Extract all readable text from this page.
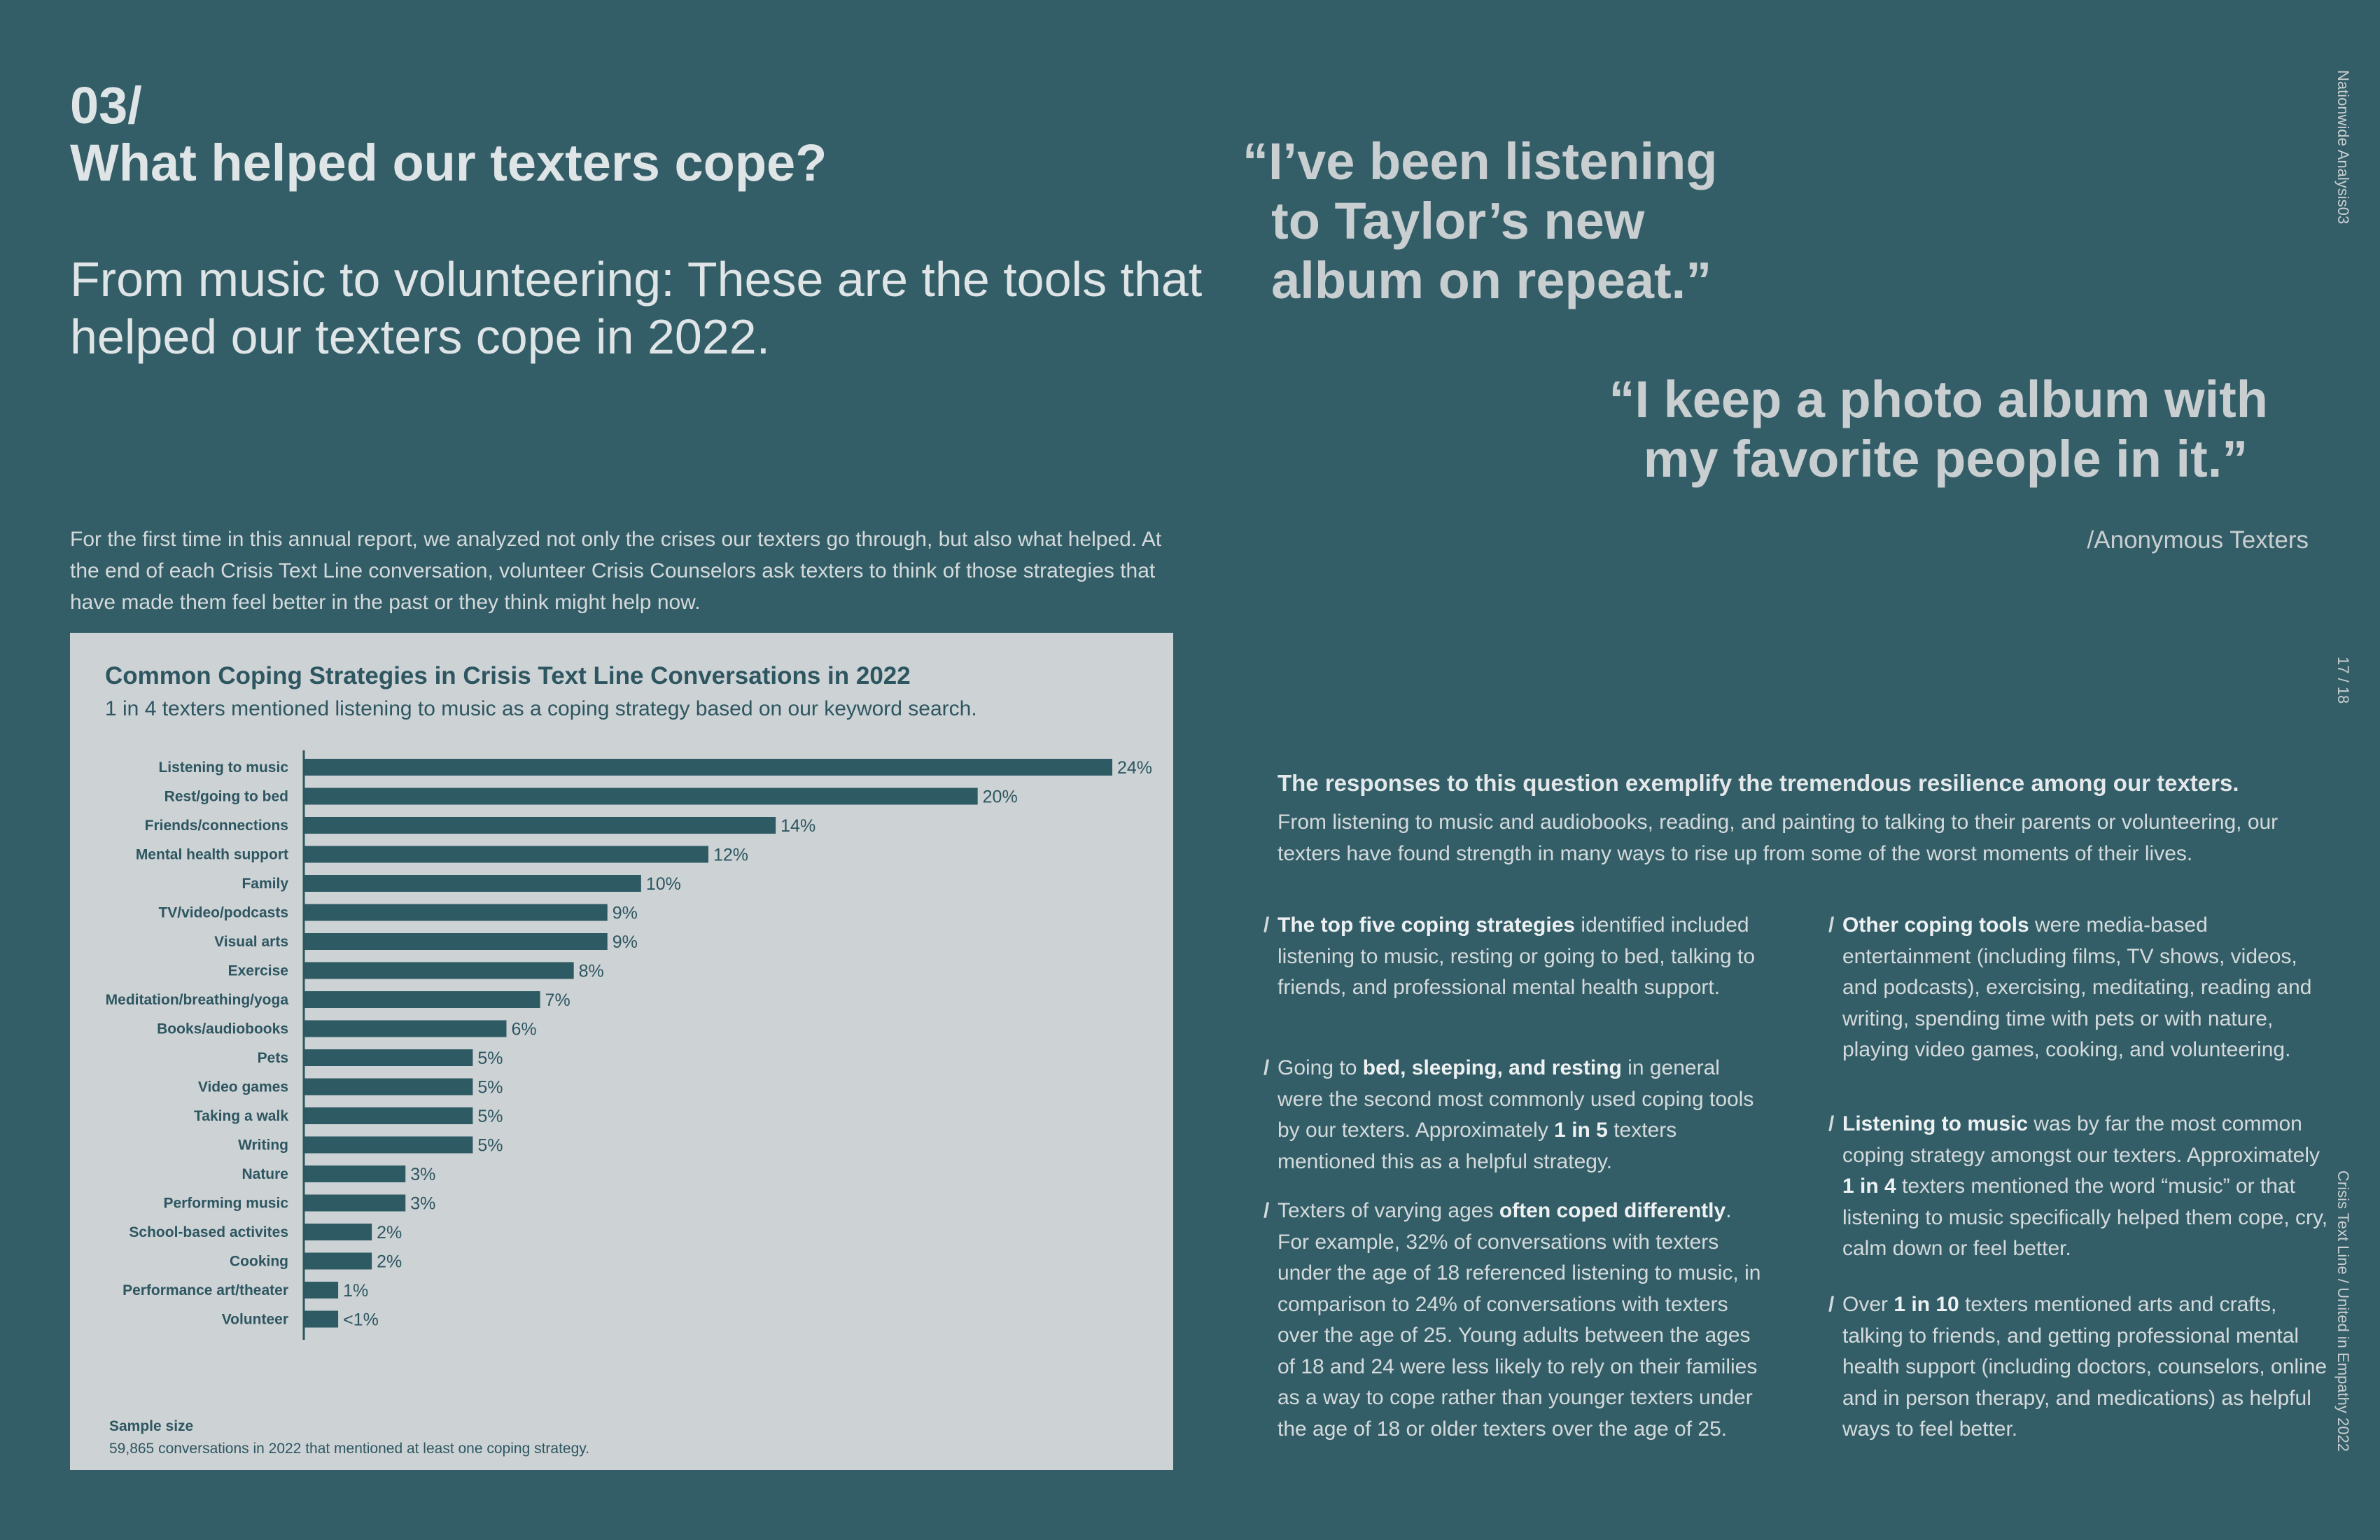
03/
What helped our texters cope?
From music to volunteering: These are the tools that helped our texters cope in 2022.
For the first time in this annual report, we analyzed not only the crises our texters go through, but also what helped. At the end of each Crisis Text Line conversation, volunteer Crisis Counselors ask texters to think of those strategies that have made them feel better in the past or they think might help now.
“I’ve been listening
to Taylor’s new
album on repeat.”
“I keep a photo album with
my favorite people in it.”
/Anonymous Texters
Nationwide Analysis03
17 / 18
Crisis Text Line / United in Empathy 2022
Common Coping Strategies in Crisis Text Line Conversations in 2022
1 in 4 texters mentioned listening to music as a coping strategy based on our keyword search.
Listening to music	24%
Rest/going to bed	20%
Friends/connections	14%
Mental health support	12%
Family	10%
TV/video/podcasts	9%
Visual arts	9%
Exercise	8%
Meditation/breathing/yoga	7%
Books/audiobooks	6%
Pets	5%
Video games	5%
Taking a walk	5%
Writing	5%
Nature	3%
Performing music	3%
School-based activites	2%
Cooking	2%
Performance art/theater	1%
Volunteer	<1%
Sample size
59,865 conversations in 2022 that mentioned at least one coping strategy.
The responses to this question exemplify the tremendous resilience among our texters.
From listening to music and audiobooks, reading, and painting to talking to their parents or volunteering, our texters have found strength in many ways to rise up from some of the worst moments of their lives.
/ The top five coping strategies identified included listening to music, resting or going to bed, talking to friends, and professional mental health support.
/ Going to bed, sleeping, and resting in general were the second most commonly used coping tools by our texters. Approximately 1 in 5 texters mentioned this as a helpful strategy.
/ Texters of varying ages often coped differently. For example, 32% of conversations with texters under the age of 18 referenced listening to music, in comparison to 24% of conversations with texters over the age of 25. Young adults between the ages of 18 and 24 were less likely to rely on their families as a way to cope rather than younger texters under the age of 18 or older texters over the age of 25.
/ Other coping tools were media-based entertainment (including films, TV shows, videos, and podcasts), exercising, meditating, reading and writing, spending time with pets or with nature, playing video games, cooking, and volunteering.
/ Listening to music was by far the most common coping strategy amongst our texters. Approximately 1 in 4 texters mentioned the word “music” or that listening to music specifically helped them cope, cry, calm down or feel better.
/ Over 1 in 10 texters mentioned arts and crafts, talking to friends, and getting professional mental health support (including doctors, counselors, online and in person therapy, and medications) as helpful ways to feel better.
